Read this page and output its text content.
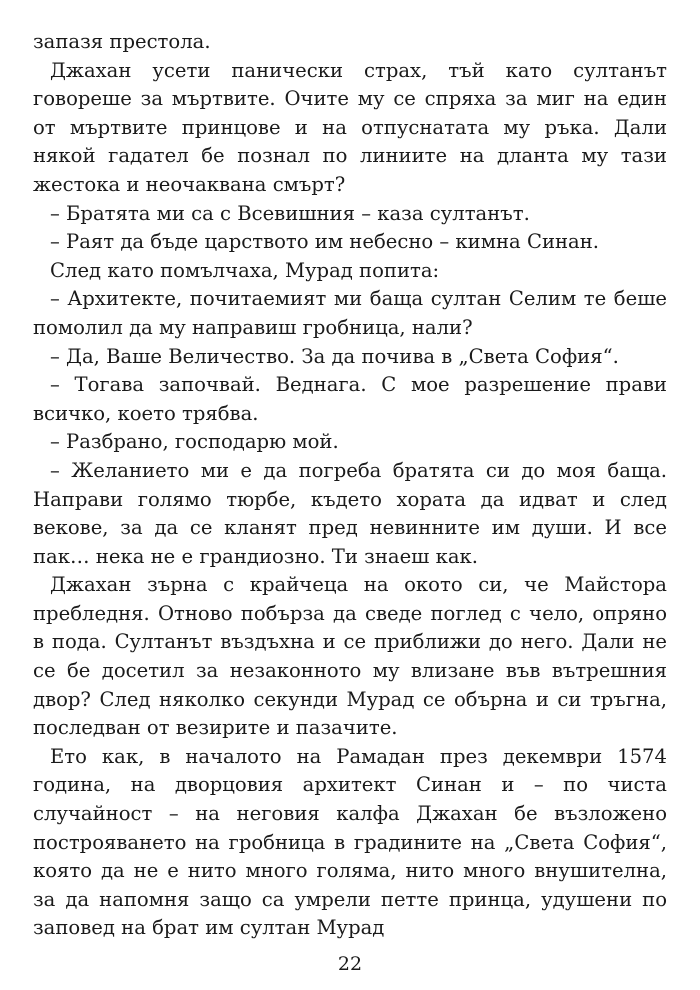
запазя престола.

Джахан усети панически страх, тъй като султанът говореше за мъртвите. Очите му се спряха за миг на един от мъртвите принцове и на отпуснатата му ръка. Дали някой гадател бе познал по линиите на дланта му тази жестока и неочаквана смърт?

– Братята ми са с Всевишния – каза султанът.

– Раят да бъде царството им небесно – кимна Синан.

След като помълчаха, Мурад попита:

– Архитекте, почитаемият ми баща султан Селим те беше помолил да му направиш гробница, нали?

– Да, Ваше Величество. За да почива в „Света София“.

– Тогава започвай. Веднага. С мое разрешение прави всичко, което трябва.

– Разбрано, господарю мой.

– Желанието ми е да погреба братята си до моя баща. Направи голямо тюрбе, където хората да идват и след векове, за да се кланят пред невинните им души. И все пак… нека не е грандиозно. Ти знаеш как.

Джахан зърна с крайчеца на окото си, че Майстора пребледня. Отново побърза да сведе поглед с чело, опряно в пода. Султанът въздъхна и се приближи до него. Дали не се бе досетил за незаконното му влизане във вътрешния двор? След няколко секунди Мурад се обърна и си тръгна, последван от везирите и пазачите.

Ето как, в началото на Рамадан през декември 1574 година, на дворцовия архитект Синан и – по чиста случайност – на неговия калфа Джахан бе възложено построяването на гробница в градините на „Света София“, която да не е нито много голяма, нито много внушителна, за да напомня защо са умрели петте принца, удушени по заповед на брат им султан Мурад

22
